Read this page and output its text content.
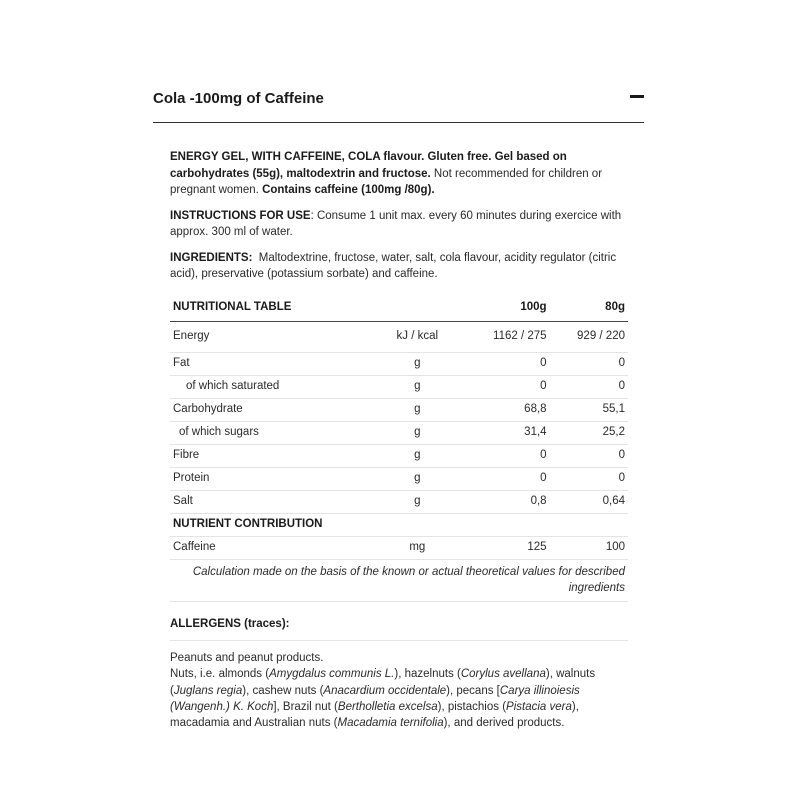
Cola -100mg of Caffeine

ENERGY GEL, WITH CAFFEINE, COLA flavour. Gluten free. Gel based on carbohydrates (55g), maltodextrin and fructose. Not recommended for children or pregnant women. Contains caffeine (100mg /80g).

INSTRUCTIONS FOR USE: Consume 1 unit max. every 60 minutes during exercice with approx. 300 ml of water.

INGREDIENTS:  Maltodextrine, fructose, water, salt, cola flavour, acidity regulator (citric acid), preservative (potassium sorbate) and caffeine.

NUTRITIONAL TABLE		100g	80g
Energy	kJ / kcal	1162 / 275	929 / 220
Fat	g	0	0
of which saturated	g	0	0
Carbohydrate	g	68,8	55,1
of which sugars	g	31,4	25,2
Fibre	g	0	0
Protein	g	0	0
Salt	g	0,8	0,64
NUTRIENT CONTRIBUTION			
Caffeine	mg	125	100
Calculation made on the basis of the known or actual theoretical values for described ingredients			
ALLERGENS (traces):
Peanuts and peanut products.
Nuts, i.e. almonds (Amygdalus communis L.), hazelnuts (Corylus avellana), walnuts (Juglans regia), cashew nuts (Anacardium occidentale), pecans [Carya illinoiesis (Wangenh.) K. Koch], Brazil nut (Bertholletia excelsa), pistachios (Pistacia vera), macadamia and Australian nuts (Macadamia ternifolia), and derived products.
